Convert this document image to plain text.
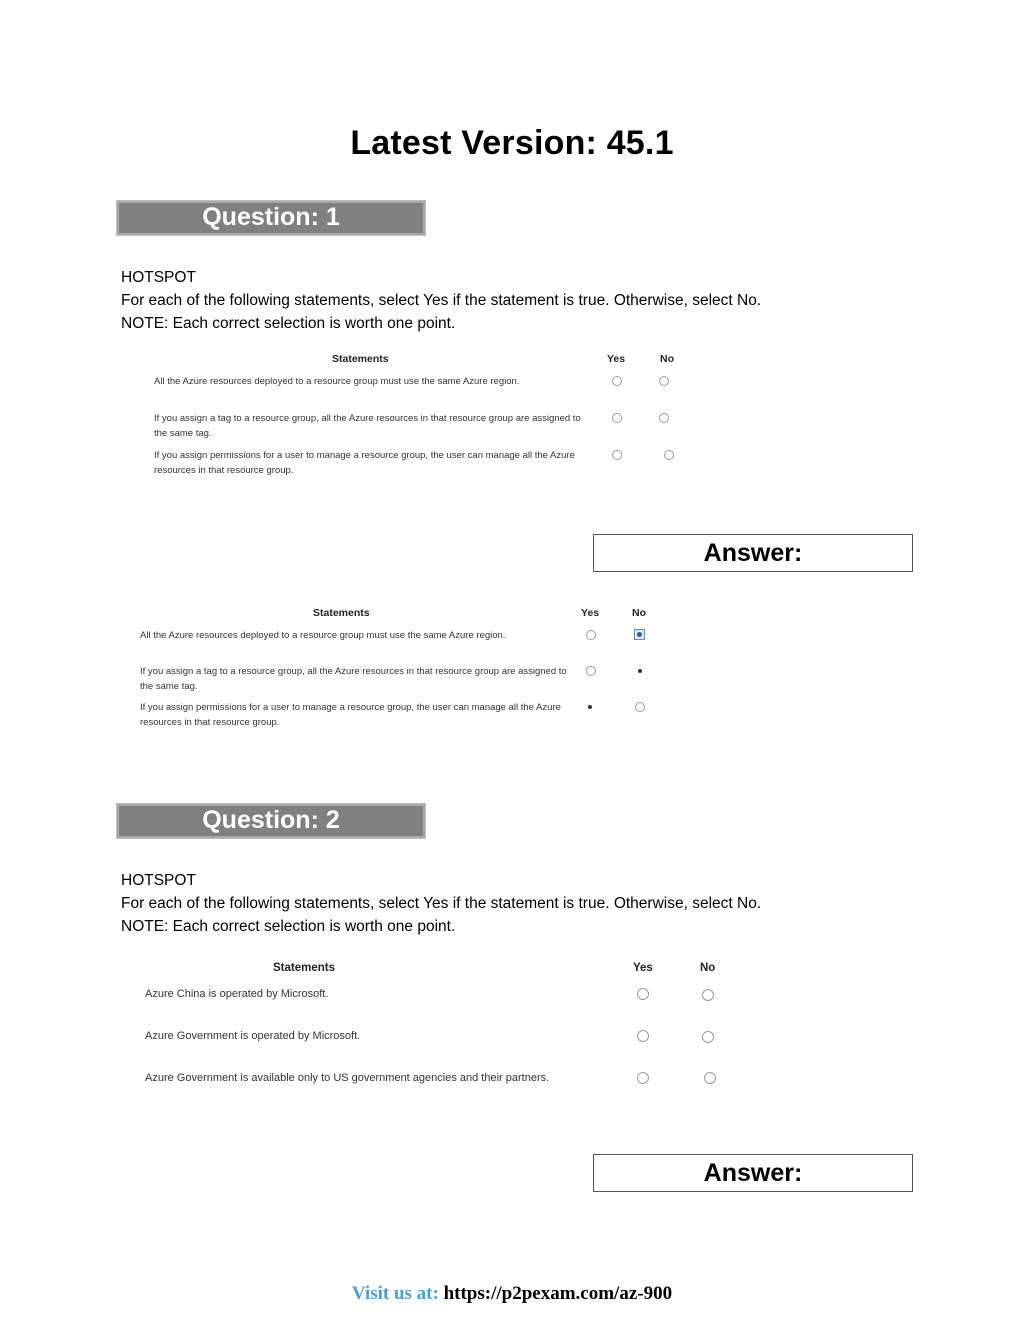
Latest Version: 45.1
Question: 1
HOTSPOT
For each of the following statements, select Yes if the statement is true. Otherwise, select No.
NOTE: Each correct selection is worth one point.
Statements	Yes	No
All the Azure resources deployed to a resource group must use the same Azure region.
If you assign a tag to a resource group, all the Azure resources in that resource group are assigned to the same tag.
If you assign permissions for a user to manage a resource group, the user can manage all the Azure resources in that resource group.
Answer:
Statements	Yes	No
All the Azure resources deployed to a resource group must use the same Azure region.
If you assign a tag to a resource group, all the Azure resources in that resource group are assigned to the same tag.
If you assign permissions for a user to manage a resource group, the user can manage all the Azure resources in that resource group.
Question: 2
HOTSPOT
For each of the following statements, select Yes if the statement is true. Otherwise, select No.
NOTE: Each correct selection is worth one point.
Statements	Yes	No
Azure China is operated by Microsoft.
Azure Government is operated by Microsoft.
Azure Government is available only to US government agencies and their partners.
Answer:
Visit us at: https://p2pexam.com/az-900
